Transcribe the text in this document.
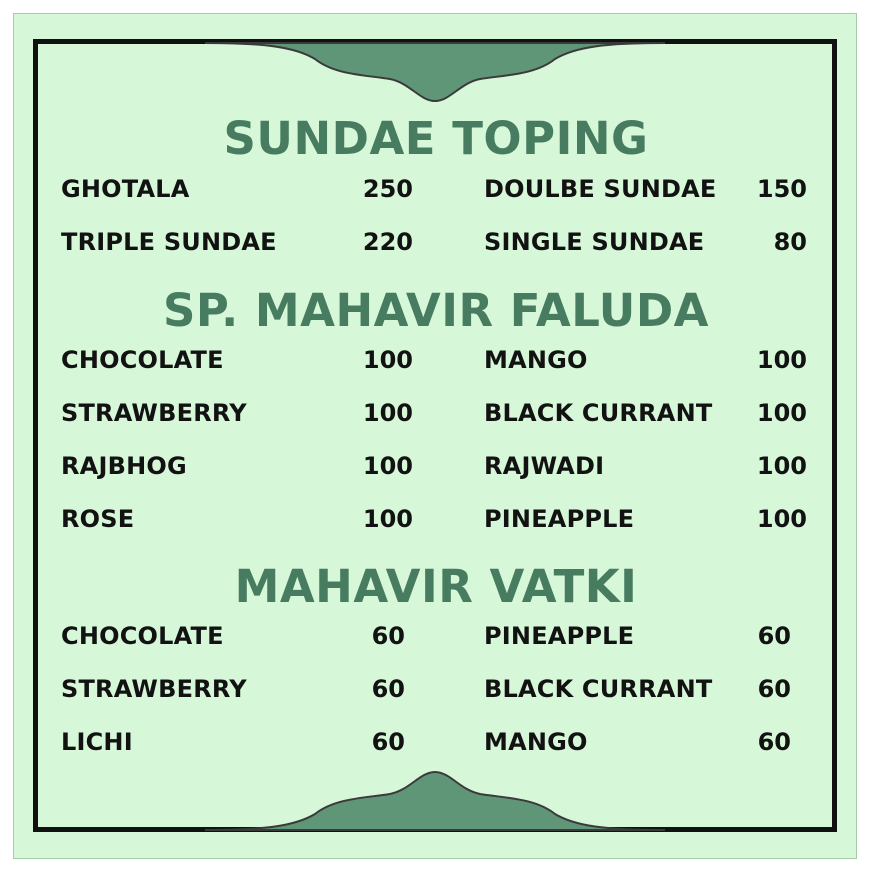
SUNDAE TOPING
GHOTALA	250	DOULBE SUNDAE	150
TRIPLE SUNDAE	220	SINGLE SUNDAE	80
SP. MAHAVIR FALUDA
CHOCOLATE	100	MANGO	100
STRAWBERRY	100	BLACK CURRANT	100
RAJBHOG	100	RAJWADI	100
ROSE	100	PINEAPPLE	100
MAHAVIR VATKI
CHOCOLATE	60	PINEAPPLE	60
STRAWBERRY	60	BLACK CURRANT	60
LICHI	60	MANGO	60
